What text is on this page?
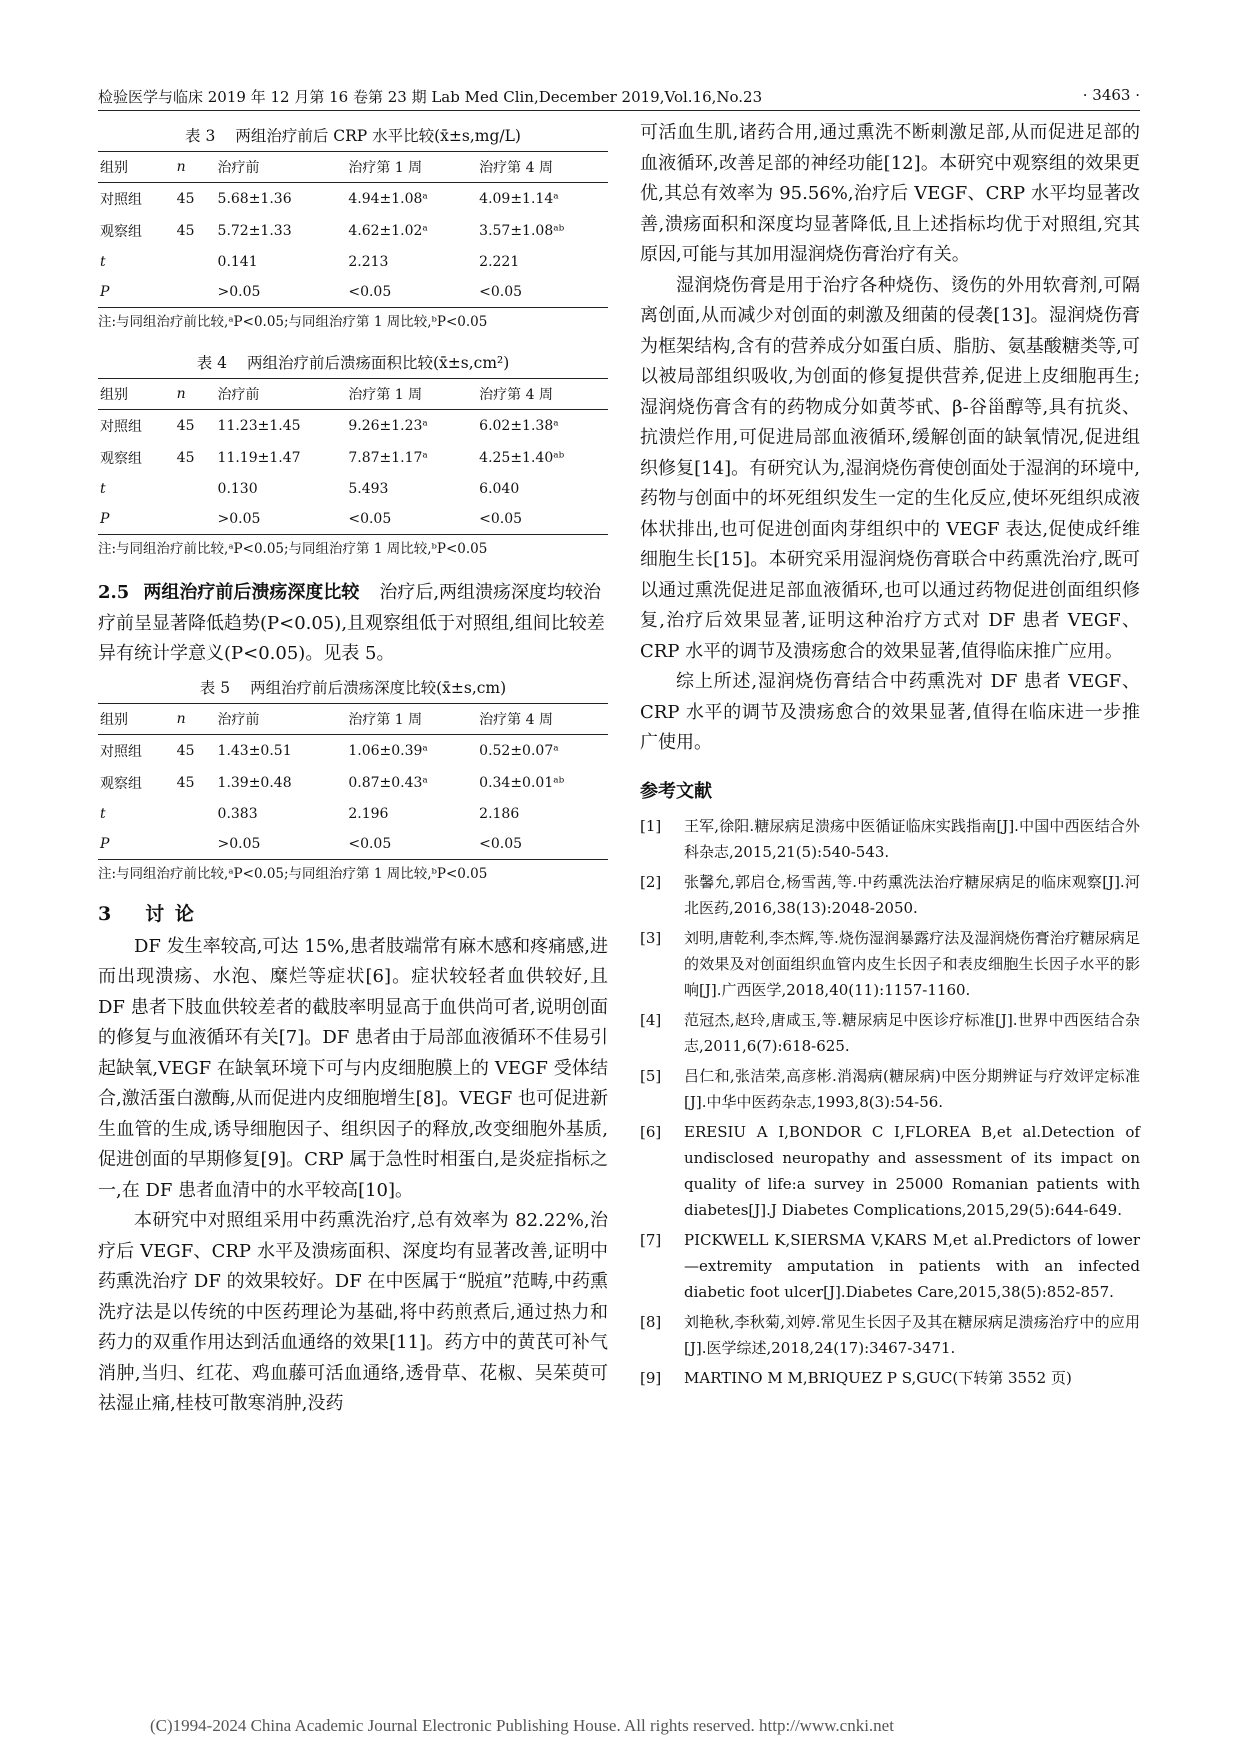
检验医学与临床 2019 年 12 月第 16 卷第 23 期 Lab Med Clin,December 2019,Vol.16,No.23	· 3463 ·
表 3 两组治疗前后 CRP 水平比较(x̄±s,mg/L)
组别	n	治疗前	治疗第 1 周	治疗第 4 周
对照组	45	5.68±1.36	4.94±1.08ᵃ	4.09±1.14ᵃ
观察组	45	5.72±1.33	4.62±1.02ᵃ	3.57±1.08ᵃᵇ
t		0.141	2.213	2.221
P		>0.05	<0.05	<0.05
注:与同组治疗前比较,ᵃP<0.05;与同组治疗第 1 周比较,ᵇP<0.05
表 4 两组治疗前后溃疡面积比较(x̄±s,cm²)
组别	n	治疗前	治疗第 1 周	治疗第 4 周
对照组	45	11.23±1.45	9.26±1.23ᵃ	6.02±1.38ᵃ
观察组	45	11.19±1.47	7.87±1.17ᵃ	4.25±1.40ᵃᵇ
t		0.130	5.493	6.040
P		>0.05	<0.05	<0.05
注:与同组治疗前比较,ᵃP<0.05;与同组治疗第 1 周比较,ᵇP<0.05

2.5 两组治疗前后溃疡深度比较 治疗后,两组溃疡深度均较治疗前呈显著降低趋势(P<0.05),且观察组低于对照组,组间比较差异有统计学意义(P<0.05)。见表 5。

表 5 两组治疗前后溃疡深度比较(x̄±s,cm)
组别	n	治疗前	治疗第 1 周	治疗第 4 周
对照组	45	1.43±0.51	1.06±0.39ᵃ	0.52±0.07ᵃ
观察组	45	1.39±0.48	0.87±0.43ᵃ	0.34±0.01ᵃᵇ
t		0.383	2.196	2.186
P		>0.05	<0.05	<0.05
注:与同组治疗前比较,ᵃP<0.05;与同组治疗第 1 周比较,ᵇP<0.05
3 讨 论

DF 发生率较高,可达 15%,患者肢端常有麻木感和疼痛感,进而出现溃疡、水泡、糜烂等症状[6]。症状较轻者血供较好,且 DF 患者下肢血供较差者的截肢率明显高于血供尚可者,说明创面的修复与血液循环有关[7]。DF 患者由于局部血液循环不佳易引起缺氧,VEGF 在缺氧环境下可与内皮细胞膜上的 VEGF 受体结合,激活蛋白激酶,从而促进内皮细胞增生[8]。VEGF 也可促进新生血管的生成,诱导细胞因子、组织因子的释放,改变细胞外基质,促进创面的早期修复[9]。CRP 属于急性时相蛋白,是炎症指标之一,在 DF 患者血清中的水平较高[10]。

本研究中对照组采用中药熏洗治疗,总有效率为 82.22%,治疗后 VEGF、CRP 水平及溃疡面积、深度均有显著改善,证明中药熏洗治疗 DF 的效果较好。DF 在中医属于“脱疽”范畴,中药熏洗疗法是以传统的中医药理论为基础,将中药煎煮后,通过热力和药力的双重作用达到活血通络的效果[11]。药方中的黄芪可补气消肿,当归、红花、鸡血藤可活血通络,透骨草、花椒、吴茱萸可祛湿止痛,桂枝可散寒消肿,没药

可活血生肌,诸药合用,通过熏洗不断刺激足部,从而促进足部的血液循环,改善足部的神经功能[12]。本研究中观察组的效果更优,其总有效率为 95.56%,治疗后 VEGF、CRP 水平均显著改善,溃疡面积和深度均显著降低,且上述指标均优于对照组,究其原因,可能与其加用湿润烧伤膏治疗有关。

湿润烧伤膏是用于治疗各种烧伤、烫伤的外用软膏剂,可隔离创面,从而减少对创面的刺激及细菌的侵袭[13]。湿润烧伤膏为框架结构,含有的营养成分如蛋白质、脂肪、氨基酸糖类等,可以被局部组织吸收,为创面的修复提供营养,促进上皮细胞再生;湿润烧伤膏含有的药物成分如黄芩甙、β-谷甾醇等,具有抗炎、抗溃烂作用,可促进局部血液循环,缓解创面的缺氧情况,促进组织修复[14]。有研究认为,湿润烧伤膏使创面处于湿润的环境中,药物与创面中的坏死组织发生一定的生化反应,使坏死组织成液体状排出,也可促进创面肉芽组织中的 VEGF 表达,促使成纤维细胞生长[15]。本研究采用湿润烧伤膏联合中药熏洗治疗,既可以通过熏洗促进足部血液循环,也可以通过药物促进创面组织修复,治疗后效果显著,证明这种治疗方式对 DF 患者 VEGF、CRP 水平的调节及溃疡愈合的效果显著,值得临床推广应用。

综上所述,湿润烧伤膏结合中药熏洗对 DF 患者 VEGF、CRP 水平的调节及溃疡愈合的效果显著,值得在临床进一步推广使用。

参考文献
[1]	王军,徐阳.糖尿病足溃疡中医循证临床实践指南[J].中国中西医结合外科杂志,2015,21(5):540-543.
[2]	张馨允,郭启仓,杨雪茜,等.中药熏洗法治疗糖尿病足的临床观察[J].河北医药,2016,38(13):2048-2050.
[3]	刘明,唐乾利,李杰辉,等.烧伤湿润暴露疗法及湿润烧伤膏治疗糖尿病足的效果及对创面组织血管内皮生长因子和表皮细胞生长因子水平的影响[J].广西医学,2018,40(11):1157-1160.
[4]	范冠杰,赵玲,唐咸玉,等.糖尿病足中医诊疗标准[J].世界中西医结合杂志,2011,6(7):618-625.
[5]	吕仁和,张洁荣,高彦彬.消渴病(糖尿病)中医分期辨证与疗效评定标准[J].中华中医药杂志,1993,8(3):54-56.
[6]	ERESIU A I,BONDOR C I,FLOREA B,et al.Detection of undisclosed neuropathy and assessment of its impact on quality of life:a survey in 25000 Romanian patients with diabetes[J].J Diabetes Complications,2015,29(5):644-649.
[7]	PICKWELL K,SIERSMA V,KARS M,et al.Predictors of lower—extremity amputation in patients with an infected diabetic foot ulcer[J].Diabetes Care,2015,38(5):852-857.
[8]	刘艳秋,李秋菊,刘婷.常见生长因子及其在糖尿病足溃疡治疗中的应用[J].医学综述,2018,24(17):3467-3471.
[9]	MARTINO M M,BRIQUEZ P S,GUC(下转第 3552 页)
(C)1994-2024 China Academic Journal Electronic Publishing House. All rights reserved. http://www.cnki.net
